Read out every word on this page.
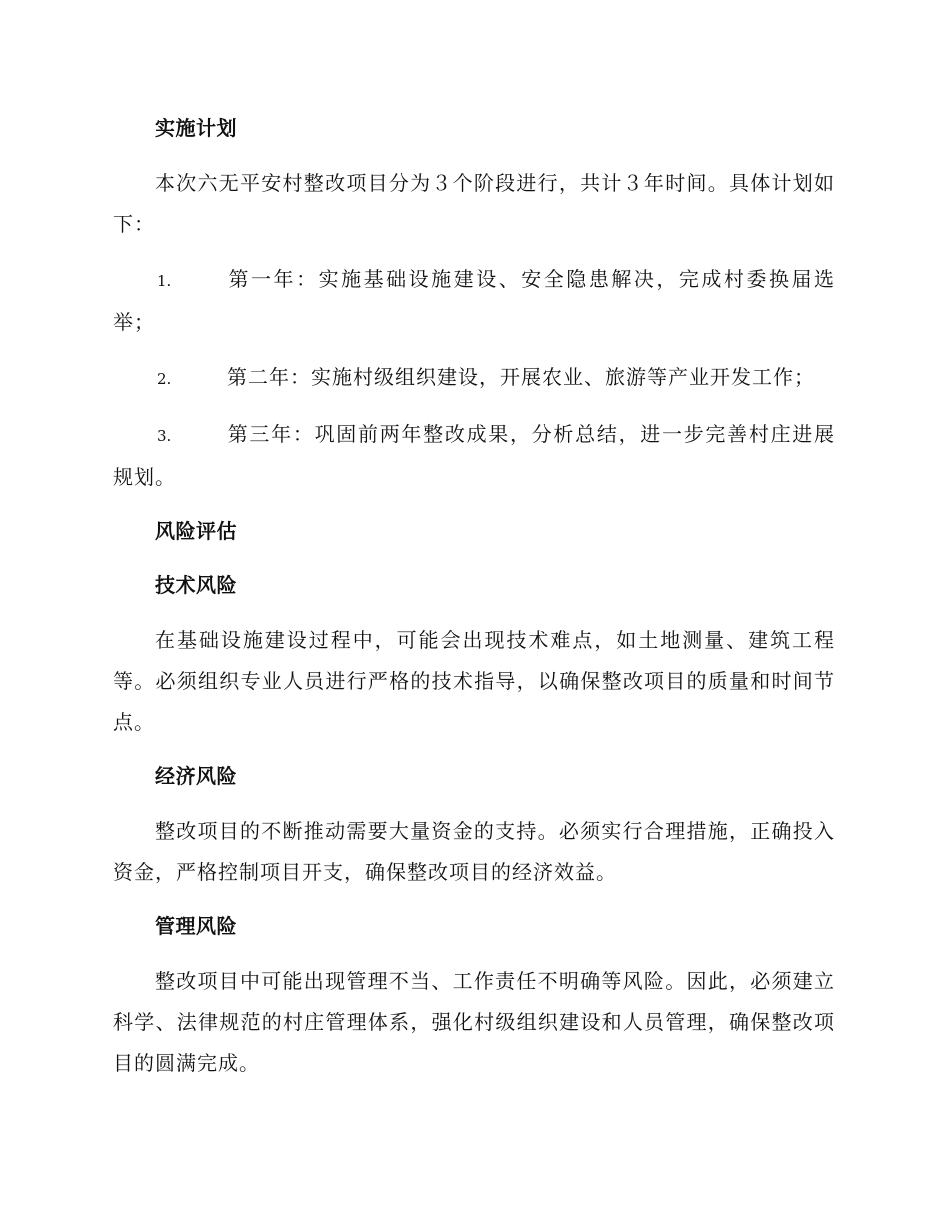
实施计划

本次六无平安村整改项目分为３个阶段进行，共计３年时间。具体计划如下：

1.	第一年：实施基础设施建设、安全隐患解决，完成村委换届选举；
2.	第二年：实施村级组织建设，开展农业、旅游等产业开发工作；
3.	第三年：巩固前两年整改成果，分析总结，进一步完善村庄进展规划。
风险评估
技术风险

在基础设施建设过程中，可能会出现技术难点，如土地测量、建筑工程等。必须组织专业人员进行严格的技术指导，以确保整改项目的质量和时间节点。

经济风险

整改项目的不断推动需要大量资金的支持。必须实行合理措施，正确投入资金，严格控制项目开支，确保整改项目的经济效益。

管理风险

整改项目中可能出现管理不当、工作责任不明确等风险。因此，必须建立科学、法律规范的村庄管理体系，强化村级组织建设和人员管理，确保整改项目的圆满完成。
